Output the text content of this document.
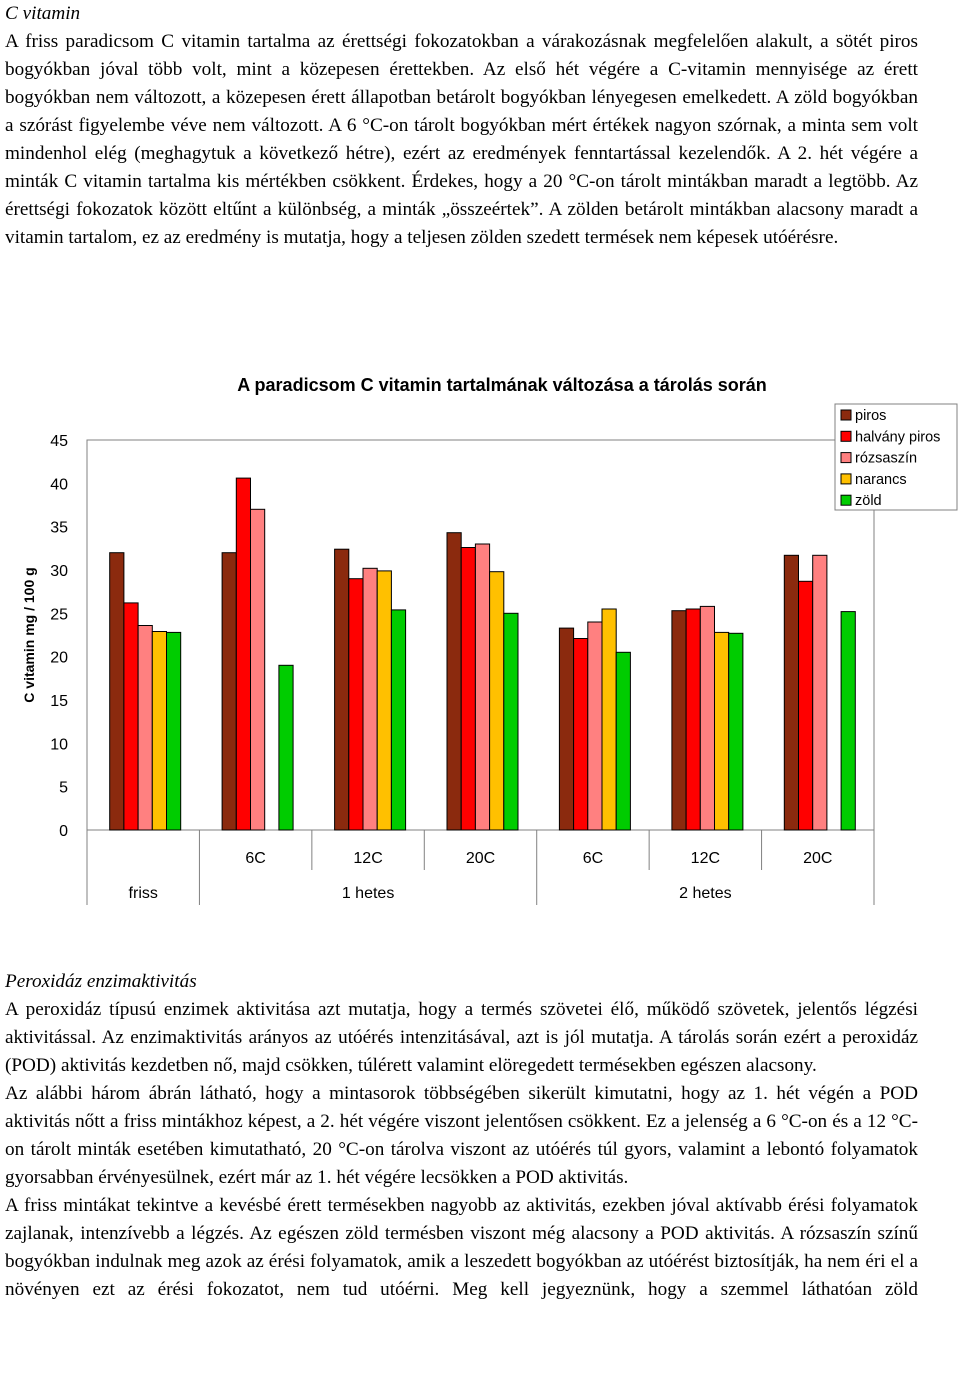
C vitamin

A friss paradicsom C vitamin tartalma az érettségi fokozatokban a várakozásnak megfelelően alakult, a sötét piros bogyókban jóval több volt, mint a közepesen érettekben. Az első hét végére a C-vitamin mennyisége az érett bogyókban nem változott, a közepesen érett állapotban betárolt bogyókban lényegesen emelkedett. A zöld bogyókban a szórást figyelembe véve nem változott. A 6 °C-on tárolt bogyókban mért értékek nagyon szórnak, a minta sem volt mindenhol elég (meghagytuk a következő hétre), ezért az eredmények fenntartással kezelendők. A 2. hét végére a minták C vitamin tartalma kis mértékben csökkent. Érdekes, hogy a 20 °C-on tárolt mintákban maradt a legtöbb. Az érettségi fokozatok között eltűnt a különbség, a minták „összeértek”. A zölden betárolt mintákban alacsony maradt a vitamin tartalom, ez az eredmény is mutatja, hogy a teljesen zölden szedett termések nem képesek utóérésre.

A paradicsom C vitamin tartalmának változása a tárolás során
C vitamin mg / 100 g
0
5
10
15
20
25
30
35
40
45
6C	12C	20C	6C	12C	20C
friss	1 hetes	2 hetes
piros
halvány piros
rózsaszín
narancs
zöld

Peroxidáz enzimaktivitás

A peroxidáz típusú enzimek aktivitása azt mutatja, hogy a termés szövetei élő, működő szövetek, jelentős légzési aktivitással. Az enzimaktivitás arányos az utóérés intenzitásával, azt is jól mutatja. A tárolás során ezért a peroxidáz (POD) aktivitás kezdetben nő, majd csökken, túlérett valamint elöregedett termésekben egészen alacsony.

Az alábbi három ábrán látható, hogy a mintasorok többségében sikerült kimutatni, hogy az 1. hét végén a POD aktivitás nőtt a friss mintákhoz képest, a 2. hét végére viszont jelentősen csökkent. Ez a jelenség a 6 °C-on és a 12 °C-on tárolt minták esetében kimutatható, 20 °C-on tárolva viszont az utóérés túl gyors, valamint a lebontó folyamatok gyorsabban érvényesülnek, ezért már az 1. hét végére lecsökken a POD aktivitás.

A friss mintákat tekintve a kevésbé érett termésekben nagyobb az aktivitás, ezekben jóval aktívabb érési folyamatok zajlanak, intenzívebb a légzés. Az egészen zöld termésben viszont még alacsony a POD aktivitás. A rózsaszín színű bogyókban indulnak meg azok az érési folyamatok, amik a leszedett bogyókban az utóérést biztosítják, ha nem éri el a növényen ezt az érési fokozatot, nem tud utóérni. Meg kell jegyeznünk, hogy a szemmel láthatóan zöld
